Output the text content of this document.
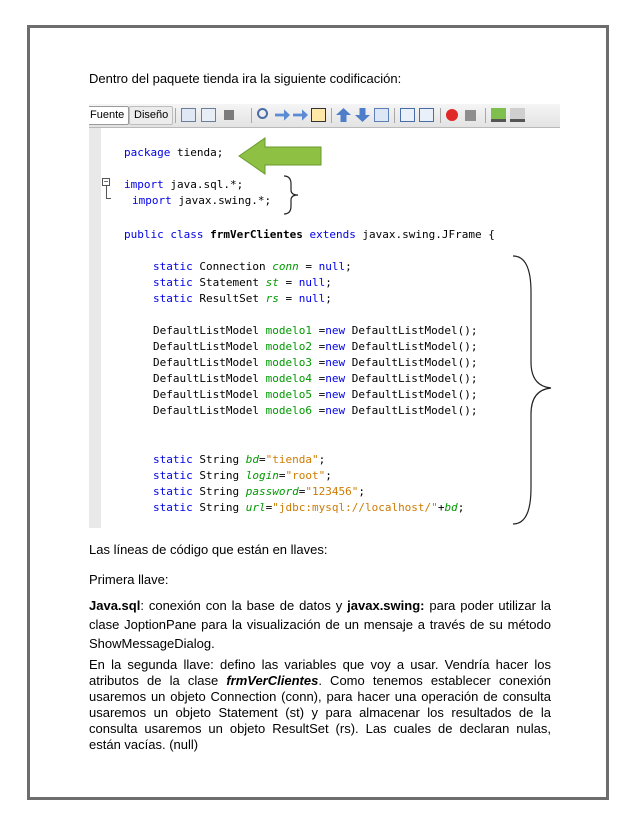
Dentro del paquete tienda ira la siguiente codificación:
Fuente Diseño
−
package tienda;
import java.sql.*;
import javax.swing.*;
public class frmVerClientes extends javax.swing.JFrame {
static Connection conn = null;
static Statement st = null;
static ResultSet rs = null;
DefaultListModel modelo1 =new DefaultListModel();
DefaultListModel modelo2 =new DefaultListModel();
DefaultListModel modelo3 =new DefaultListModel();
DefaultListModel modelo4 =new DefaultListModel();
DefaultListModel modelo5 =new DefaultListModel();
DefaultListModel modelo6 =new DefaultListModel();
static String bd="tienda";
static String login="root";
static String password="123456";
static String url="jdbc:mysql://localhost/"+bd;
Las líneas de código que están en llaves:
Primera llave:
Java.sql: conexión con la base de datos y javax.swing: para poder utilizar la clase JoptionPane para la visualización de un mensaje a través de su método ShowMessageDialog.
En la segunda llave: defino las variables que voy a usar. Vendría hacer los atributos de la clase frmVerClientes. Como tenemos establecer conexión usaremos un objeto Connection (conn), para hacer una operación de consulta usaremos un objeto Statement (st) y para almacenar los resultados de la consulta usaremos un objeto ResultSet (rs). Las cuales de declaran nulas, están vacías. (null)
